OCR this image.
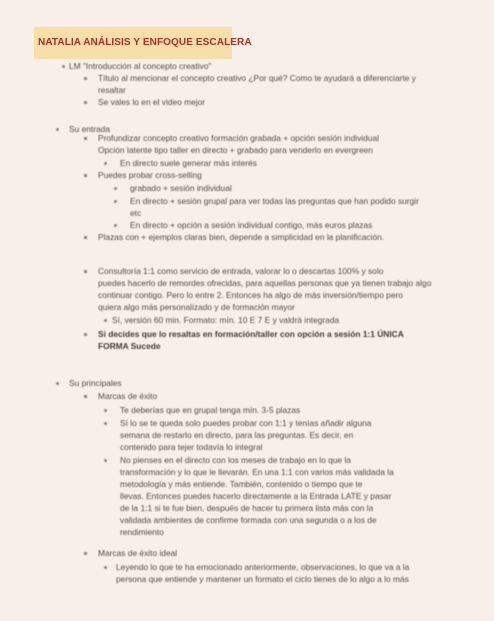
NATALIA ANÁLISIS Y ENFOQUE ESCALERA
LM "Introducción al concepto creativo"
Título al mencionar el concepto creativo ¿Por qué? Como te ayudará a diferenciarte y
resaltar
Se vales lo en el video mejor
Su entrada
Profundizar concepto creativo formación grabada + opción sesión individual
Opción latente tipo taller en directo + grabado para venderlo en evergreen
En directo suele generar más interés
Puedes probar cross-selling
grabado + sesión individual
En directo + sesión grupal para ver todas las preguntas que han podido surgir
etc
En directo + opción a sesión individual contigo, más euros plazas
Plazas con + ejemplos claras bien, depende a simplicidad en la planificación.
Consultoría 1:1 como servicio de entrada, valorar lo o descartas 100% y solo
puedes hacerlo de remordes ofrecidas, para aquellas personas que ya tienen trabajo algo
continuar contigo. Pero lo entre 2. Entonces ha algo de más inversión/tiempo pero
quiera algo más personalizado y de formación mayor
Sí, versión 60 min. Formato: mín. 10 E 7 E y valdrá integrada
Si decides que lo resaltas en formación/taller con opción a sesión 1:1 ÚNICA
FORMA Sucede
Su principales
Marcas de éxito
Te deberías que en grupal tenga mín. 3-5 plazas
Sí lo se te queda solo puedes probar con 1:1 y tenías añadir alguna
semana de restarlo en directo, para las preguntas. Es decir, en
contenido para tejer todavía lo integral
No pienses en el directo con los meses de trabajo en lo que la
transformación y lo que le llevarán. En una 1:1 con varios más validada la
metodología y más entiende. También, contenido o tiempo que te
llevas. Entonces puedes hacerlo directamente a la Entrada LATE y pasar
de la 1:1 si te fue bien, después de hacer tu primera lista más con la
validada ambientes de confirme formada con una segunda o a los de
rendimiento
Marcas de éxito ideal
Leyendo lo que te ha emocionado anteriormente, observaciones, lo que va a la
persona que entiende y mantener un formato el ciclo tienes de lo algo a lo más
